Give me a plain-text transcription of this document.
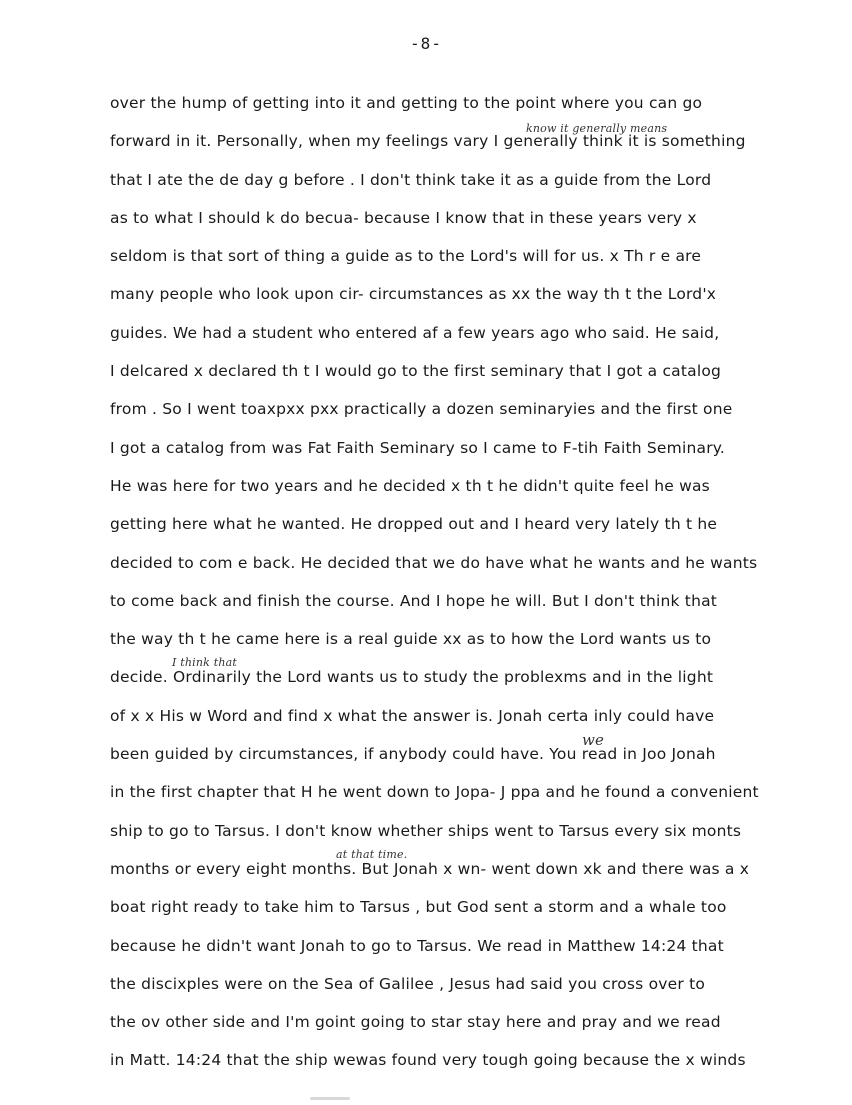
-8-
over the hump of getting into it and getting to the point where you can go
know it generally means
forward in it. Personally, when my feelings vary I generally think it is something
that I ate the de day g before . I don't think take it as a guide from the Lord
as to what I should k do becua- because I know that in these years very x
seldom is that sort of thing a guide as to the Lord's will for us. x Th r e are
many people who look upon cir- circumstances as xx the way th t the Lord'x
guides. We had a student who entered af a few years ago who said. He said,
I delcared x declared th t I would go to the first seminary that I got a catalog
from . So I went toaxpxx pxx practically a dozen seminaryies and the first one
I got a catalog from was Fat Faith Seminary so I came to F-tih Faith Seminary.
He was here for two years and he decided x th t he didn't quite feel he was
getting here what he wanted. He dropped out and I heard very lately th t he
decided to com e back. He decided that we do have what he wants and he wants
to come back and finish the course. And I hope he will. But I don't think that
the way th t he came here is a real guide xx as to how the Lord wants us to
I think that
decide. Ordinarily the Lord wants us to study the problexms and in the light
of x x His w Word and find x what the answer is. Jonah certa inly could have
we
been guided by circumstances, if anybody could have. You read in Joo Jonah
in the first chapter that H he went down to Jopa- J ppa and he found a convenient
ship to go to Tarsus. I don't know whether ships went to Tarsus every six monts
at that time.
months or every eight months. But Jonah x wn- went down xk and there was a x
boat right ready to take him to Tarsus , but God sent a storm and a whale too
because he didn't want Jonah to go to Tarsus. We read in Matthew 14:24 that
the discixples were on the Sea of Galilee , Jesus had said you cross over to
the ov other side and I'm goint going to star stay here and pray and we read
in Matt. 14:24 that the ship wewas found very tough going because the x winds
